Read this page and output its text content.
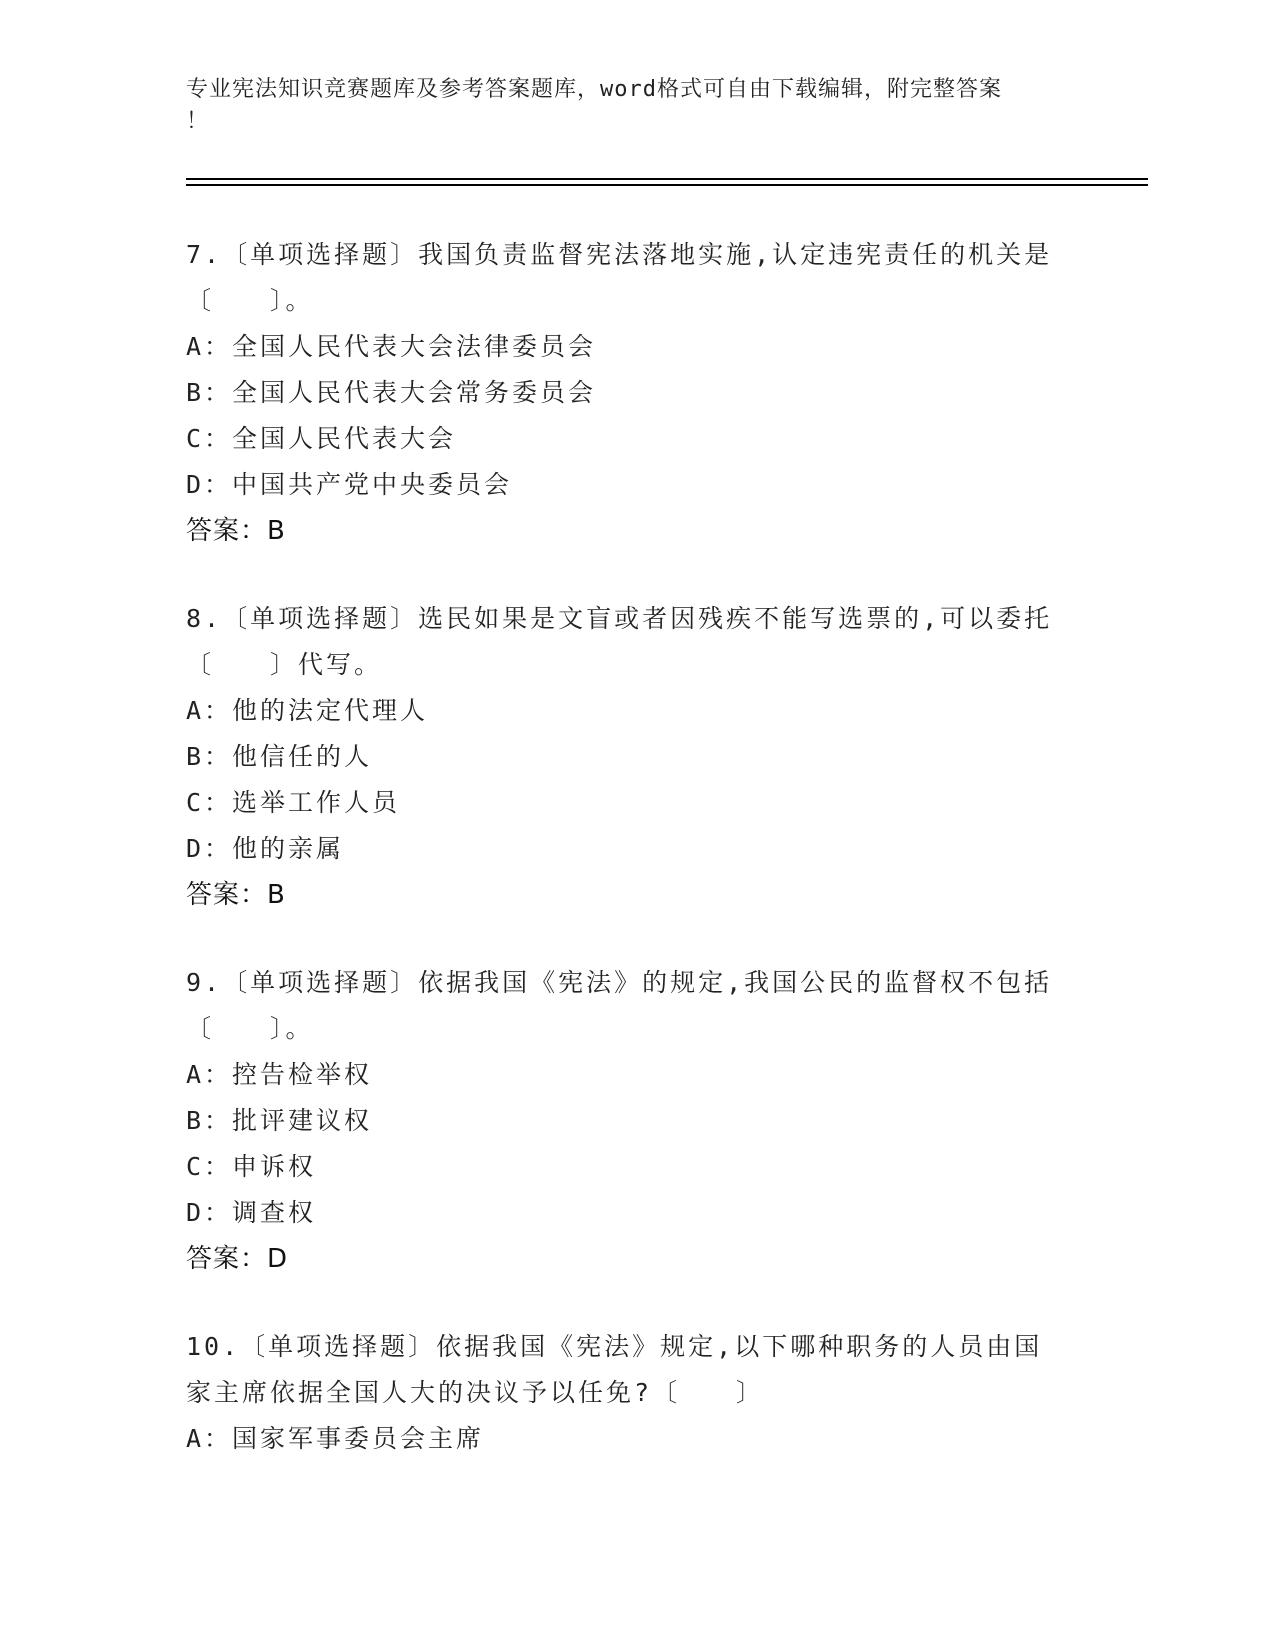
专业宪法知识竞赛题库及参考答案题库，word格式可自由下载编辑，附完整答案
！

7.〔单项选择题〕我国负责监督宪法落地实施,认定违宪责任的机关是

〔　　〕。

A：全国人民代表大会法律委员会

B：全国人民代表大会常务委员会

C：全国人民代表大会

D：中国共产党中央委员会

答案：B

8.〔单项选择题〕选民如果是文盲或者因残疾不能写选票的,可以委托

〔　　〕代写。

A：他的法定代理人

B：他信任的人

C：选举工作人员

D：他的亲属

答案：B

9.〔单项选择题〕依据我国《宪法》的规定,我国公民的监督权不包括

〔　　〕。

A：控告检举权

B：批评建议权

C：申诉权

D：调查权

答案：D

10.〔单项选择题〕依据我国《宪法》规定,以下哪种职务的人员由国

家主席依据全国人大的决议予以任免?〔　　〕

A：国家军事委员会主席
